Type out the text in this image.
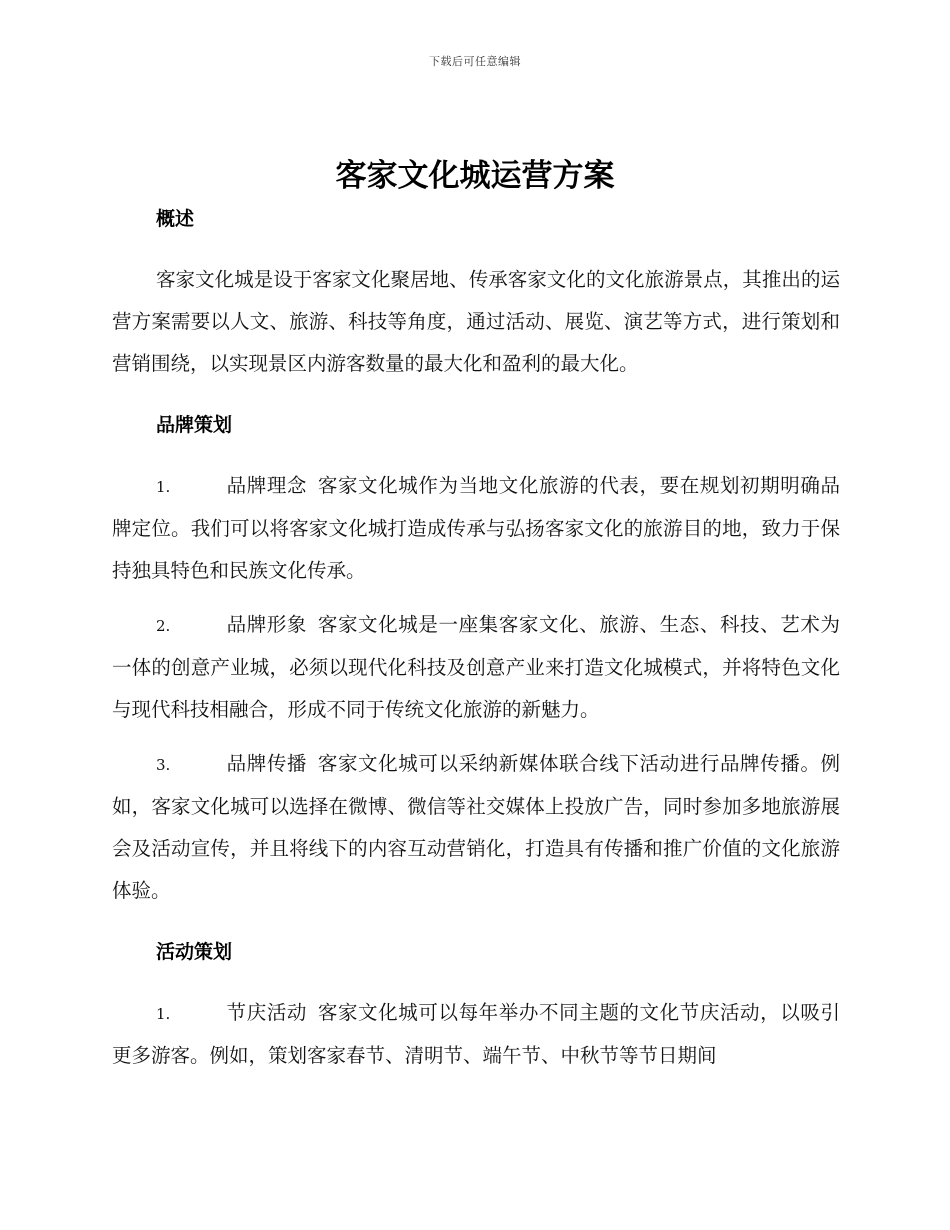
下载后可任意编辑
客家文化城运营方案
概述

客家文化城是设于客家文化聚居地、传承客家文化的文化旅游景点，其推出的运营方案需要以人文、旅游、科技等角度，通过活动、展览、演艺等方式，进行策划和营销围绕，以实现景区内游客数量的最大化和盈利的最大化。

品牌策划

1.	品牌理念 客家文化城作为当地文化旅游的代表，要在规划初期明确品牌定位。我们可以将客家文化城打造成传承与弘扬客家文化的旅游目的地，致力于保持独具特色和民族文化传承。

2.	品牌形象 客家文化城是一座集客家文化、旅游、生态、科技、艺术为一体的创意产业城，必须以现代化科技及创意产业来打造文化城模式，并将特色文化与现代科技相融合，形成不同于传统文化旅游的新魅力。

3.	品牌传播 客家文化城可以采纳新媒体联合线下活动进行品牌传播。例如，客家文化城可以选择在微博、微信等社交媒体上投放广告，同时参加多地旅游展会及活动宣传，并且将线下的内容互动营销化，打造具有传播和推广价值的文化旅游体验。

活动策划

1.	节庆活动 客家文化城可以每年举办不同主题的文化节庆活动，以吸引更多游客。例如，策划客家春节、清明节、端午节、中秋节等节日期间
